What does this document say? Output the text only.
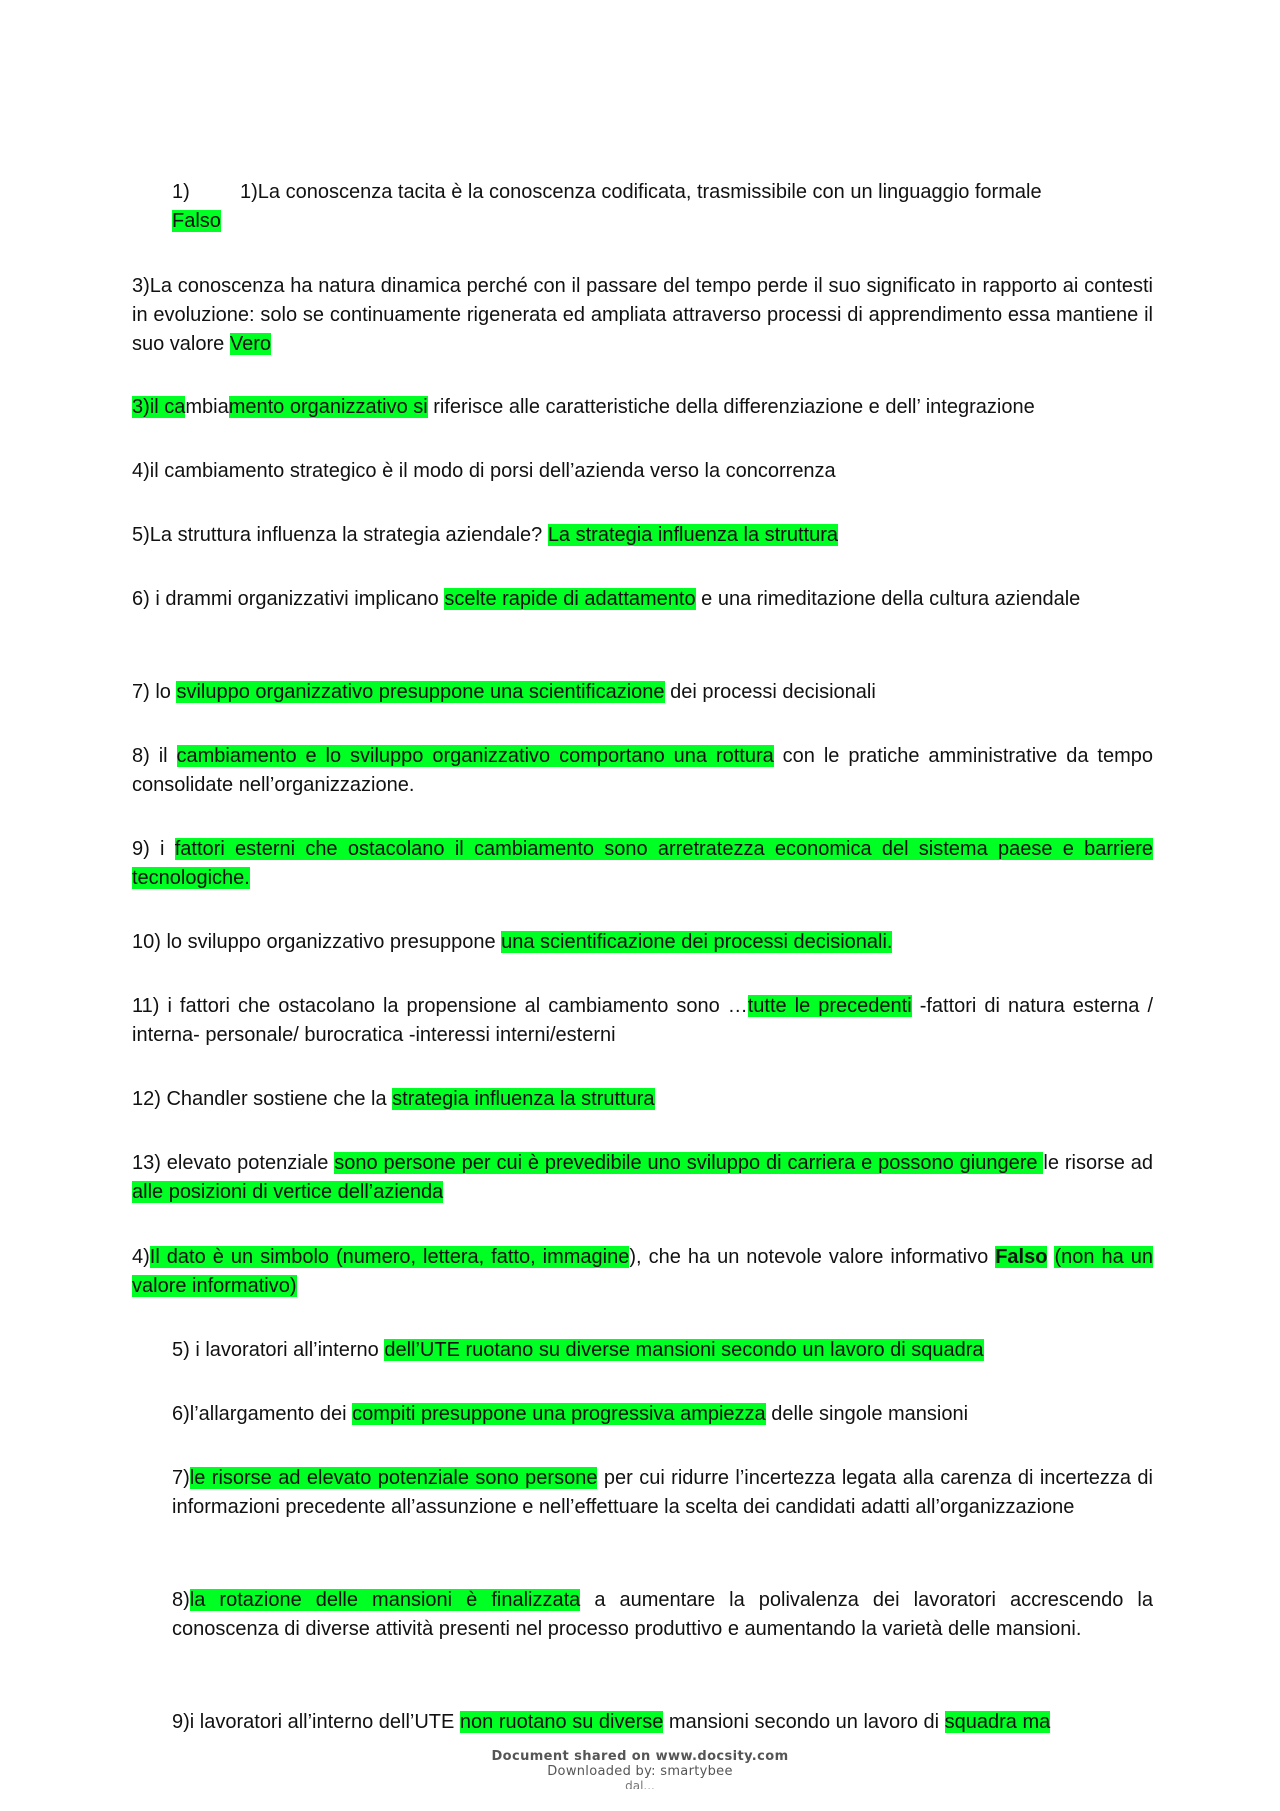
1)	1)La conoscenza tacita è la conoscenza codificata, trasmissibile con un linguaggio formale
Falso

3)La conoscenza ha natura dinamica perché con il passare del tempo perde il suo significato in rapporto ai contesti in evoluzione: solo se continuamente rigenerata ed ampliata attraverso processi di apprendimento essa mantiene il suo valore Vero

3)il cambiamento organizzativo si riferisce alle caratteristiche della differenziazione e dell’ integrazione

4)il cambiamento strategico è il modo di porsi dell’azienda verso la concorrenza

5)La struttura influenza la strategia aziendale? La strategia influenza la struttura

6) i drammi organizzativi implicano scelte rapide di adattamento e una rimeditazione della cultura aziendale

7) lo sviluppo organizzativo presuppone una scientificazione dei processi decisionali

8) il cambiamento e lo sviluppo organizzativo comportano una rottura con le pratiche amministrative da tempo consolidate nell’organizzazione.

9) i fattori esterni che ostacolano il cambiamento sono arretratezza economica del sistema paese e barriere tecnologiche.

10) lo sviluppo organizzativo presuppone una scientificazione dei processi decisionali.

11) i fattori che ostacolano la propensione al cambiamento sono …tutte le precedenti -fattori di natura esterna / interna- personale/ burocratica -interessi interni/esterni

12) Chandler sostiene che la strategia influenza la struttura

13) elevato potenziale sono persone per cui è prevedibile uno sviluppo di carriera e possono giungere le risorse ad alle posizioni di vertice dell’azienda

4)Il dato è un simbolo (numero, lettera, fatto, immagine), che ha un notevole valore informativo Falso (non ha un valore informativo)

5) i lavoratori all’interno dell’UTE ruotano su diverse mansioni secondo un lavoro di squadra

6)l’allargamento dei compiti presuppone una progressiva ampiezza delle singole mansioni

7)le risorse ad elevato potenziale sono persone per cui ridurre l’incertezza legata alla carenza di incertezza di informazioni precedente all’assunzione e nell’effettuare la scelta dei candidati adatti all’organizzazione

8)la rotazione delle mansioni è finalizzata a aumentare la polivalenza dei lavoratori accrescendo la conoscenza di diverse attività presenti nel processo produttivo e aumentando la varietà delle mansioni.

9)i lavoratori all’interno dell’UTE non ruotano su diverse mansioni secondo un lavoro di squadra ma

Document shared on www.docsity.com
Downloaded by: smartybee
dal...
